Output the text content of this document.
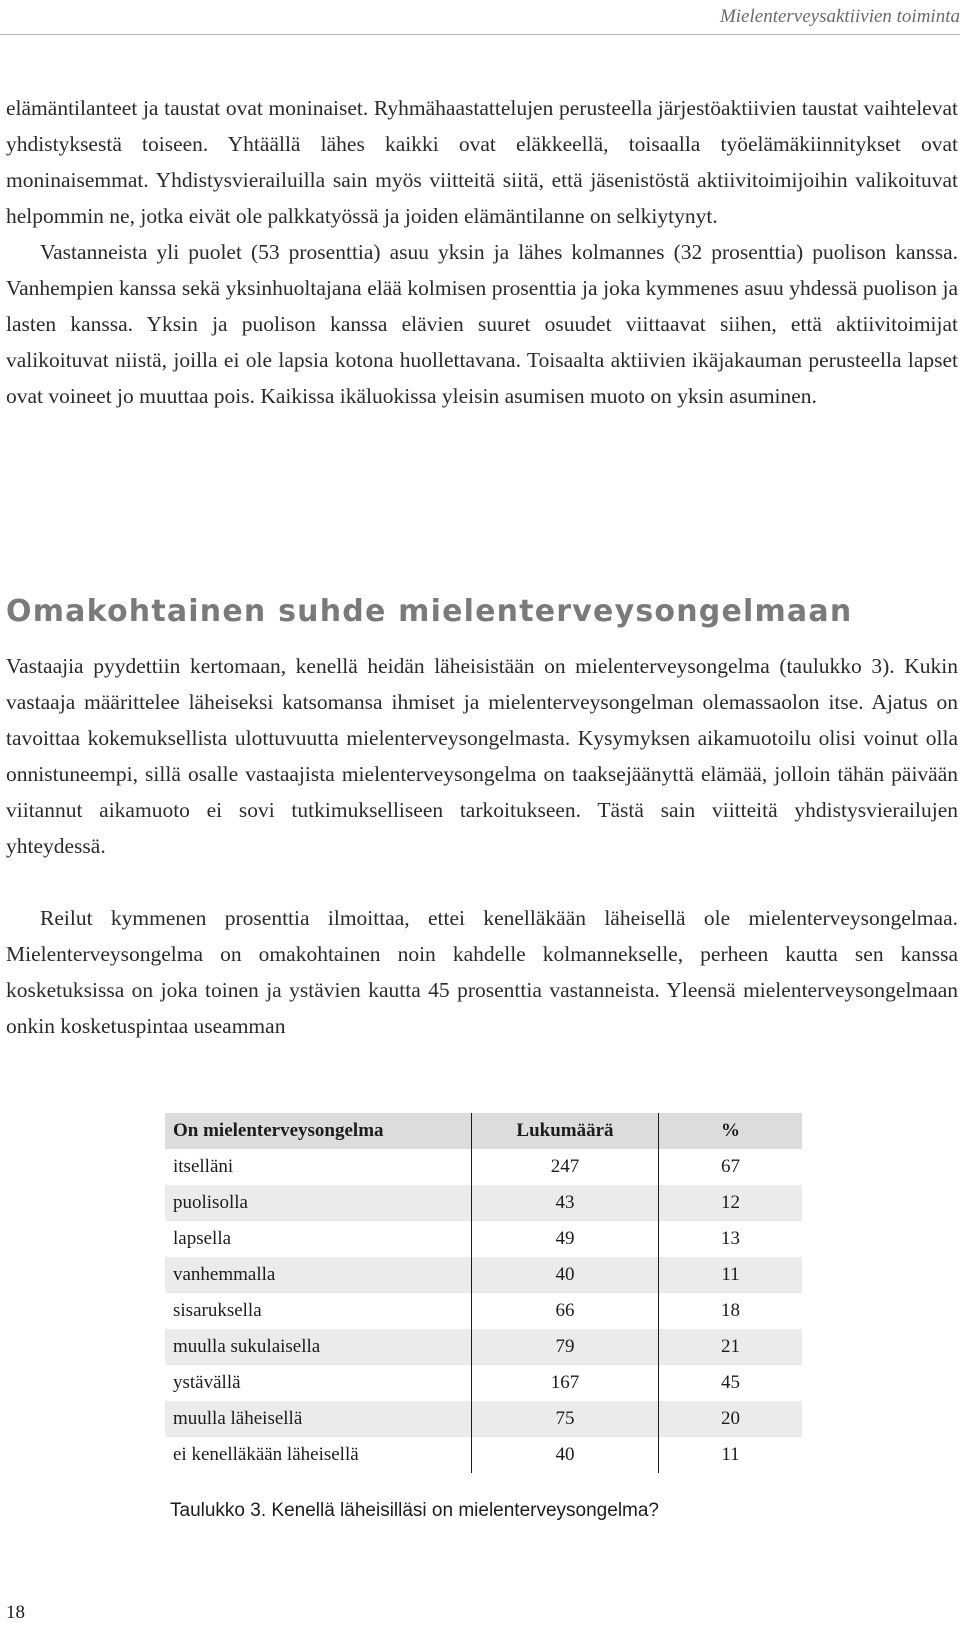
Mielenterveysaktiivien toiminta

elämäntilanteet ja taustat ovat moninaiset. Ryhmähaastattelujen perusteella järjestöaktiivien taustat vaihtelevat yhdistyksestä toiseen. Yhtäällä lähes kaikki ovat eläkkeellä, toisaalla työelämäkiinnitykset ovat moninaisemmat. Yhdistysvierailuilla sain myös viitteitä siitä, että jäsenistöstä aktiivitoimijoihin valikoituvat helpommin ne, jotka eivät ole palkkatyössä ja joiden elämäntilanne on selkiytynyt.

Vastanneista yli puolet (53 prosenttia) asuu yksin ja lähes kolmannes (32 prosenttia) puolison kanssa. Vanhempien kanssa sekä yksinhuoltajana elää kolmisen prosenttia ja joka kymmenes asuu yhdessä puolison ja lasten kanssa. Yksin ja puolison kanssa elävien suuret osuudet viittaavat siihen, että aktiivitoimijat valikoituvat niistä, joilla ei ole lapsia kotona huollettavana. Toisaalta aktiivien ikäjakauman perusteella lapset ovat voineet jo muuttaa pois. Kaikissa ikäluokissa yleisin asumisen muoto on yksin asuminen.

Omakohtainen suhde mielenterveysongelmaan

Vastaajia pyydettiin kertomaan, kenellä heidän läheisistään on mielenterveysongelma (taulukko 3). Kukin vastaaja määrittelee läheiseksi katsomansa ihmiset ja mielenterveysongelman olemassaolon itse. Ajatus on tavoittaa kokemuksellista ulottuvuutta mielenterveysongelmasta. Kysymyksen aikamuotoilu olisi voinut olla onnistuneempi, sillä osalle vastaajista mielenterveysongelma on taaksejäänyttä elämää, jolloin tähän päivään viitannut aikamuoto ei sovi tutkimukselliseen tarkoitukseen. Tästä sain viitteitä yhdistysvierailujen yhteydessä.

Reilut kymmenen prosenttia ilmoittaa, ettei kenelläkään läheisellä ole mielenterveysongelmaa. Mielenterveysongelma on omakohtainen noin kahdelle kolmannekselle, perheen kautta sen kanssa kosketuksissa on joka toinen ja ystävien kautta 45 prosenttia vastanneista. Yleensä mielenterveysongelmaan onkin kosketuspintaa useamman

On mielenterveysongelma	Lukumäärä	%
itselläni	247	67
puolisolla	43	12
lapsella	49	13
vanhemmalla	40	11
sisaruksella	66	18
muulla sukulaisella	79	21
ystävällä	167	45
muulla läheisellä	75	20
ei kenelläkään läheisellä	40	11

Taulukko 3. Kenellä läheisilläsi on mielenterveysongelma?

18
